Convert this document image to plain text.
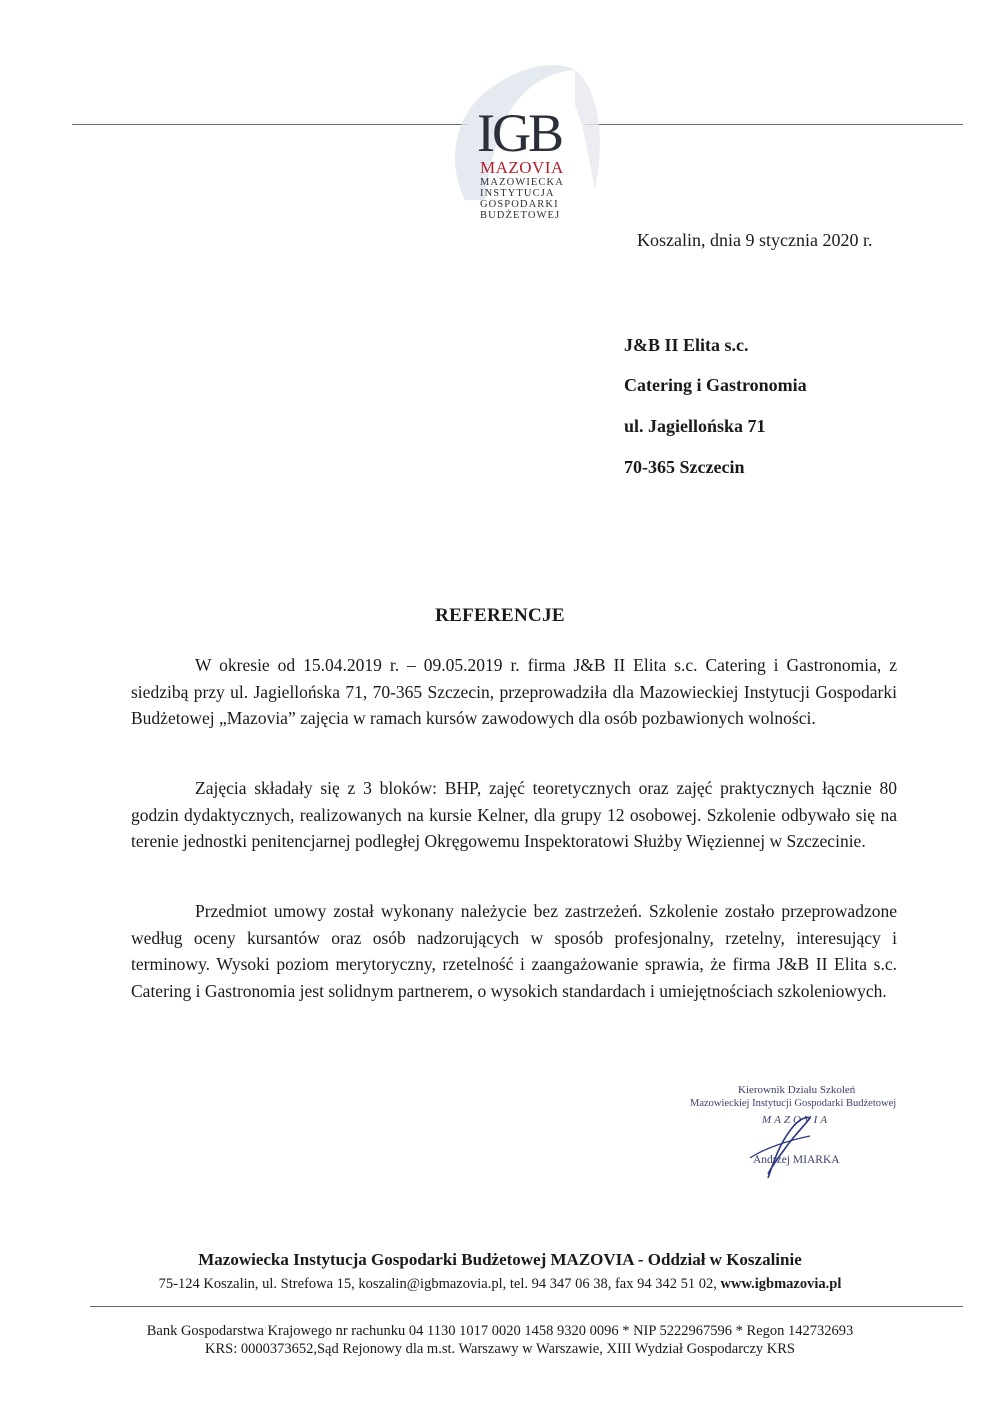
IGB
MAZOVIA
MAZOWIECKA
INSTYTUCJA
GOSPODARKI
BUDŻETOWEJ
Koszalin, dnia 9 stycznia 2020 r.
J&B II Elita s.c.
Catering i Gastronomia
ul. Jagiellońska 71
70-365 Szczecin
REFERENCJE

W okresie od 15.04.2019 r. – 09.05.2019 r. firma J&B II Elita s.c. Catering i Gastronomia, z siedzibą przy ul. Jagiellońska 71, 70-365 Szczecin, przeprowadziła dla Mazowieckiej Instytucji Gospodarki Budżetowej „Mazovia” zajęcia w ramach kursów zawodowych dla osób pozbawionych wolności.

Zajęcia składały się z 3 bloków: BHP, zajęć teoretycznych oraz zajęć praktycznych łącznie 80 godzin dydaktycznych, realizowanych na kursie Kelner, dla grupy 12 osobowej. Szkolenie odbywało się na terenie jednostki penitencjarnej podległej Okręgowemu Inspektoratowi Służby Więziennej w Szczecinie.

Przedmiot umowy został wykonany należycie bez zastrzeżeń. Szkolenie zostało przeprowadzone według oceny kursantów oraz osób nadzorujących w sposób profesjonalny, rzetelny, interesujący i terminowy. Wysoki poziom merytoryczny, rzetelność i zaangażowanie sprawia, że firma J&B II Elita s.c. Catering i Gastronomia jest solidnym partnerem, o wysokich standardach i umiejętnościach szkoleniowych.

Kierownik Działu Szkoleń
Mazowieckiej Instytucji Gospodarki Budżetowej
MAZOVIA
Andrzej MIARKA
Mazowiecka Instytucja Gospodarki Budżetowej MAZOVIA - Oddział w Koszalinie
75-124 Koszalin, ul. Strefowa 15, koszalin@igbmazovia.pl, tel. 94 347 06 38, fax 94 342 51 02, www.igbmazovia.pl
Bank Gospodarstwa Krajowego nr rachunku 04 1130 1017 0020 1458 9320 0096 * NIP 5222967596 * Regon 142732693
KRS: 0000373652,Sąd Rejonowy dla m.st. Warszawy w Warszawie, XIII Wydział Gospodarczy KRS
